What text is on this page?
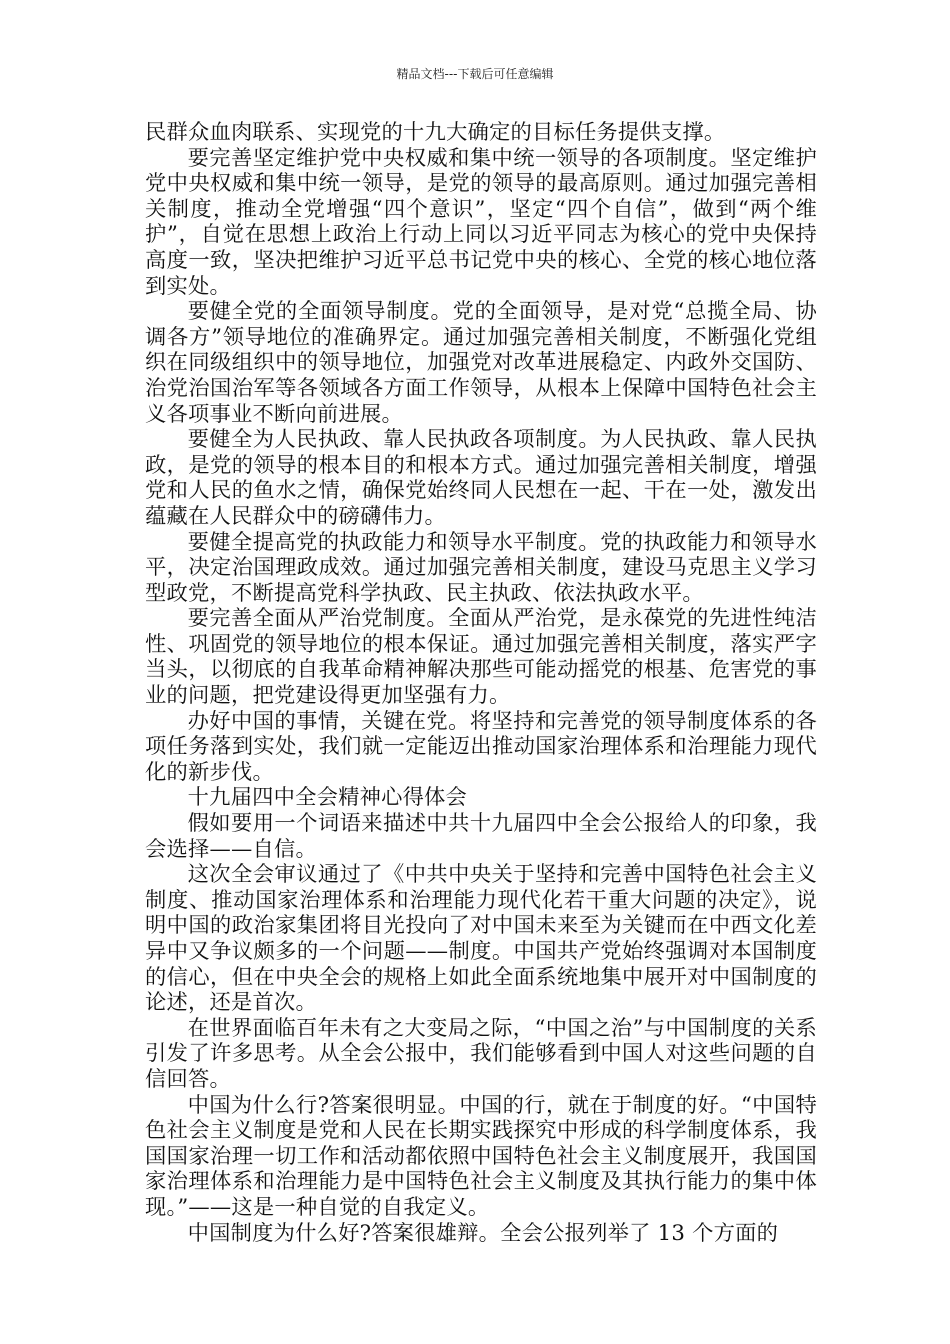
精品文档---下载后可任意编辑

民群众血肉联系、实现党的十九大确定的目标任务提供支撑。

要完善坚定维护党中央权威和集中统一领导的各项制度。坚定维护党中央权威和集中统一领导，是党的领导的最高原则。通过加强完善相关制度，推动全党增强“四个意识”，坚定“四个自信”，做到“两个维护”，自觉在思想上政治上行动上同以习近平同志为核心的党中央保持高度一致，坚决把维护习近平总书记党中央的核心、全党的核心地位落到实处。

要健全党的全面领导制度。党的全面领导，是对党“总揽全局、协调各方”领导地位的准确界定。通过加强完善相关制度，不断强化党组织在同级组织中的领导地位，加强党对改革进展稳定、内政外交国防、治党治国治军等各领域各方面工作领导，从根本上保障中国特色社会主义各项事业不断向前进展。

要健全为人民执政、靠人民执政各项制度。为人民执政、靠人民执政，是党的领导的根本目的和根本方式。通过加强完善相关制度，增强党和人民的鱼水之情，确保党始终同人民想在一起、干在一处，激发出蕴藏在人民群众中的磅礴伟力。

要健全提高党的执政能力和领导水平制度。党的执政能力和领导水平，决定治国理政成效。通过加强完善相关制度，建设马克思主义学习型政党，不断提高党科学执政、民主执政、依法执政水平。

要完善全面从严治党制度。全面从严治党，是永葆党的先进性纯洁性、巩固党的领导地位的根本保证。通过加强完善相关制度，落实严字当头，以彻底的自我革命精神解决那些可能动摇党的根基、危害党的事业的问题，把党建设得更加坚强有力。

办好中国的事情，关键在党。将坚持和完善党的领导制度体系的各项任务落到实处，我们就一定能迈出推动国家治理体系和治理能力现代化的新步伐。

十九届四中全会精神心得体会

假如要用一个词语来描述中共十九届四中全会公报给人的印象，我会选择——自信。

这次全会审议通过了《中共中央关于坚持和完善中国特色社会主义制度、推动国家治理体系和治理能力现代化若干重大问题的决定》，说明中国的政治家集团将目光投向了对中国未来至为关键而在中西文化差异中又争议颇多的一个问题——制度。中国共产党始终强调对本国制度的信心，但在中央全会的规格上如此全面系统地集中展开对中国制度的论述，还是首次。

在世界面临百年未有之大变局之际，“中国之治”与中国制度的关系引发了许多思考。从全会公报中，我们能够看到中国人对这些问题的自信回答。

中国为什么行?答案很明显。中国的行，就在于制度的好。“中国特色社会主义制度是党和人民在长期实践探究中形成的科学制度体系，我国国家治理一切工作和活动都依照中国特色社会主义制度展开，我国国家治理体系和治理能力是中国特色社会主义制度及其执行能力的集中体现。”——这是一种自觉的自我定义。

中国制度为什么好?答案很雄辩。全会公报列举了 13 个方面的
